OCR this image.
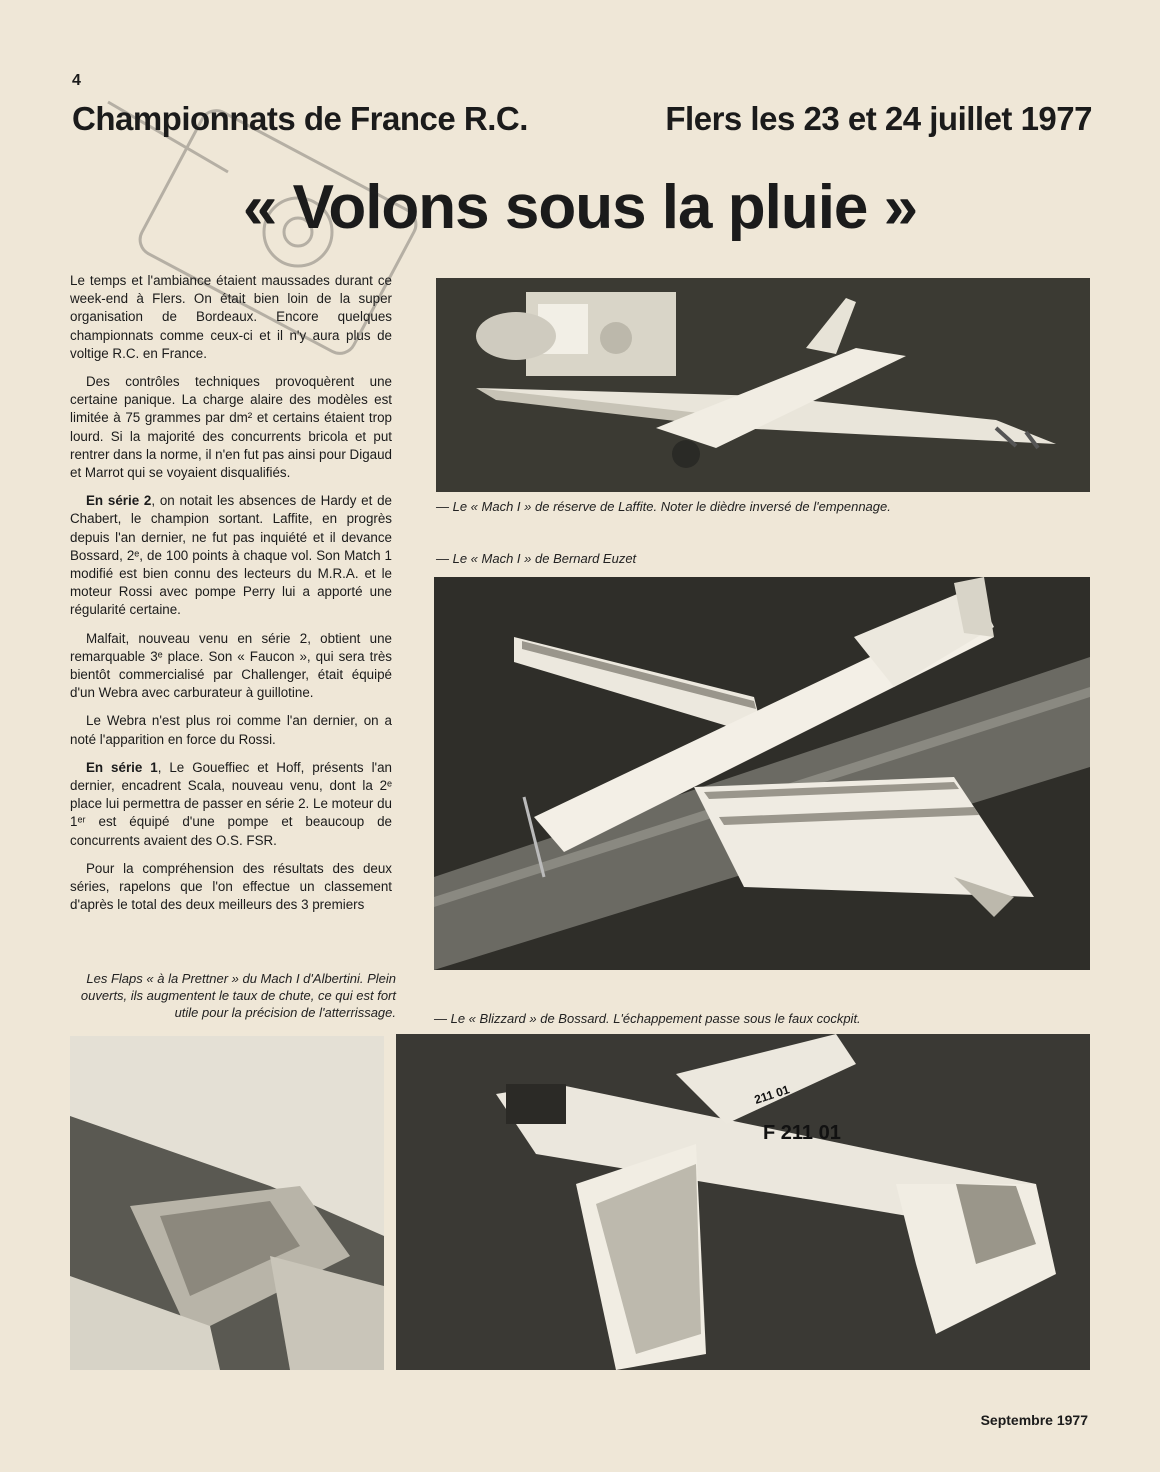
4
Championnats de France R.C.	Flers les 23 et 24 juillet 1977
« Volons sous la pluie »

Le temps et l'ambiance étaient maussades durant ce week-end à Flers. On était bien loin de la super organisation de Bordeaux. Encore quelques championnats comme ceux-ci et il n'y aura plus de voltige R.C. en France.

Des contrôles techniques provoquèrent une certaine panique. La charge alaire des modèles est limitée à 75 grammes par dm² et certains étaient trop lourd. Si la majorité des concurrents bricola et put rentrer dans la norme, il n'en fut pas ainsi pour Digaud et Marrot qui se voyaient disqualifiés.

En série 2, on notait les absences de Hardy et de Chabert, le champion sortant. Laffite, en progrès depuis l'an dernier, ne fut pas inquiété et il devance Bossard, 2ᵉ, de 100 points à chaque vol. Son Match 1 modifié est bien connu des lecteurs du M.R.A. et le moteur Rossi avec pompe Perry lui a apporté une régularité certaine.

Malfait, nouveau venu en série 2, obtient une remarquable 3ᵉ place. Son « Faucon », qui sera très bientôt commercialisé par Challenger, était équipé d'un Webra avec carburateur à guillotine.

Le Webra n'est plus roi comme l'an dernier, on a noté l'apparition en force du Rossi.

En série 1, Le Goueffiec et Hoff, présents l'an dernier, encadrent Scala, nouveau venu, dont la 2ᵉ place lui permettra de passer en série 2. Le moteur du 1ᵉʳ est équipé d'une pompe et beaucoup de concurrents avaient des O.S. FSR.

Pour la compréhension des résultats des deux séries, rapelons que l'on effectue un classement d'après le total des deux meilleurs des 3 premiers

— Le « Mach I » de réserve de Laffite. Noter le dièdre inversé de l'empennage.
— Le « Mach I » de Bernard Euzet
Les Flaps « à la Prettner » du Mach I d'Albertini. Plein ouverts, ils augmentent le taux de chute, ce qui est fort utile pour la précision de l'atterrissage.	— Le « Blizzard » de Bossard. L'échappement passe sous le faux cockpit.
F 211 01
211 01
Septembre 1977
